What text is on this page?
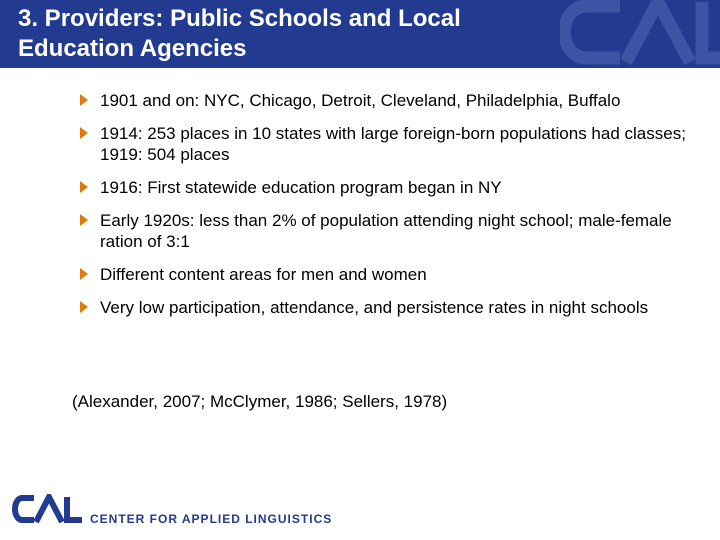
3. Providers: Public Schools and Local
Education Agencies
1901 and on: NYC, Chicago, Detroit, Cleveland, Philadelphia, Buffalo
1914: 253 places in 10 states with large foreign-born populations had classes; 1919: 504 places
1916: First statewide education program began in NY
Early 1920s: less than 2% of population attending night school; male-female ration of 3:1
Different content areas for men and women
Very low participation, attendance, and persistence rates in night schools
(Alexander, 2007; McClymer, 1986; Sellers, 1978)
CENTER FOR APPLIED LINGUISTICS
